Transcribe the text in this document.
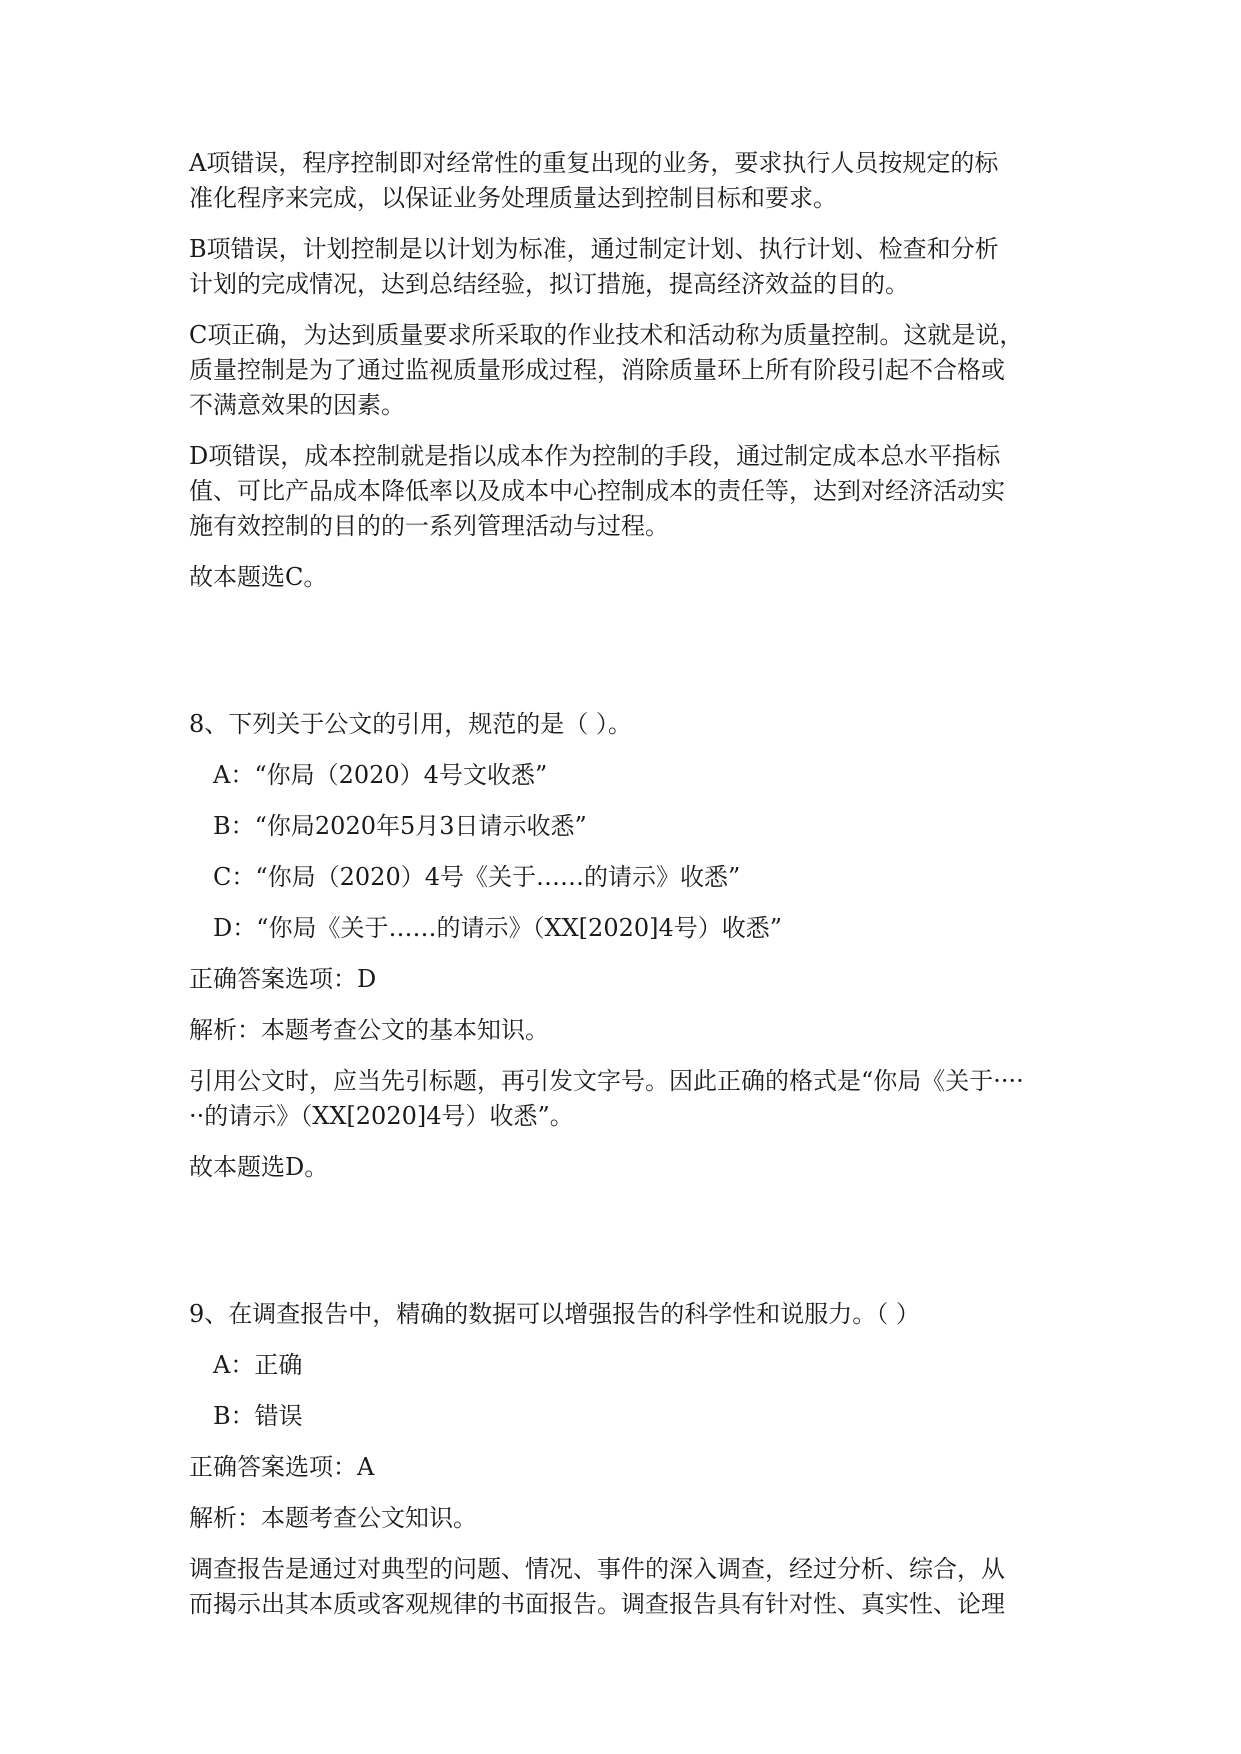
A项错误，程序控制即对经常性的重复出现的业务，要求执行人员按规定的标
准化程序来完成，以保证业务处理质量达到控制目标和要求。

B项错误，计划控制是以计划为标准，通过制定计划、执行计划、检查和分析
计划的完成情况，达到总结经验，拟订措施，提高经济效益的目的。

C项正确，为达到质量要求所采取的作业技术和活动称为质量控制。这就是说，
质量控制是为了通过监视质量形成过程，消除质量环上所有阶段引起不合格或
不满意效果的因素。

D项错误，成本控制就是指以成本作为控制的手段，通过制定成本总水平指标
值、可比产品成本降低率以及成本中心控制成本的责任等，达到对经济活动实
施有效控制的目的的一系列管理活动与过程。

故本题选C。

8、下列关于公文的引用，规范的是（ ）。

A：“你局（2020）4号文收悉”

B：“你局2020年5月3日请示收悉”

C：“你局（2020）4号《关于……的请示》收悉”

D：“你局《关于……的请示》（XX[2020]4号）收悉”

正确答案选项：D

解析：本题考查公文的基本知识。

引用公文时，应当先引标题，再引发文字号。因此正确的格式是“你局《关于····
··的请示》（XX[2020]4号）收悉”。

故本题选D。

9、在调查报告中，精确的数据可以增强报告的科学性和说服力。（ ）

A：正确

B：错误

正确答案选项：A

解析：本题考查公文知识。

调查报告是通过对典型的问题、情况、事件的深入调查，经过分析、综合，从
而揭示出其本质或客观规律的书面报告。调查报告具有针对性、真实性、论理
